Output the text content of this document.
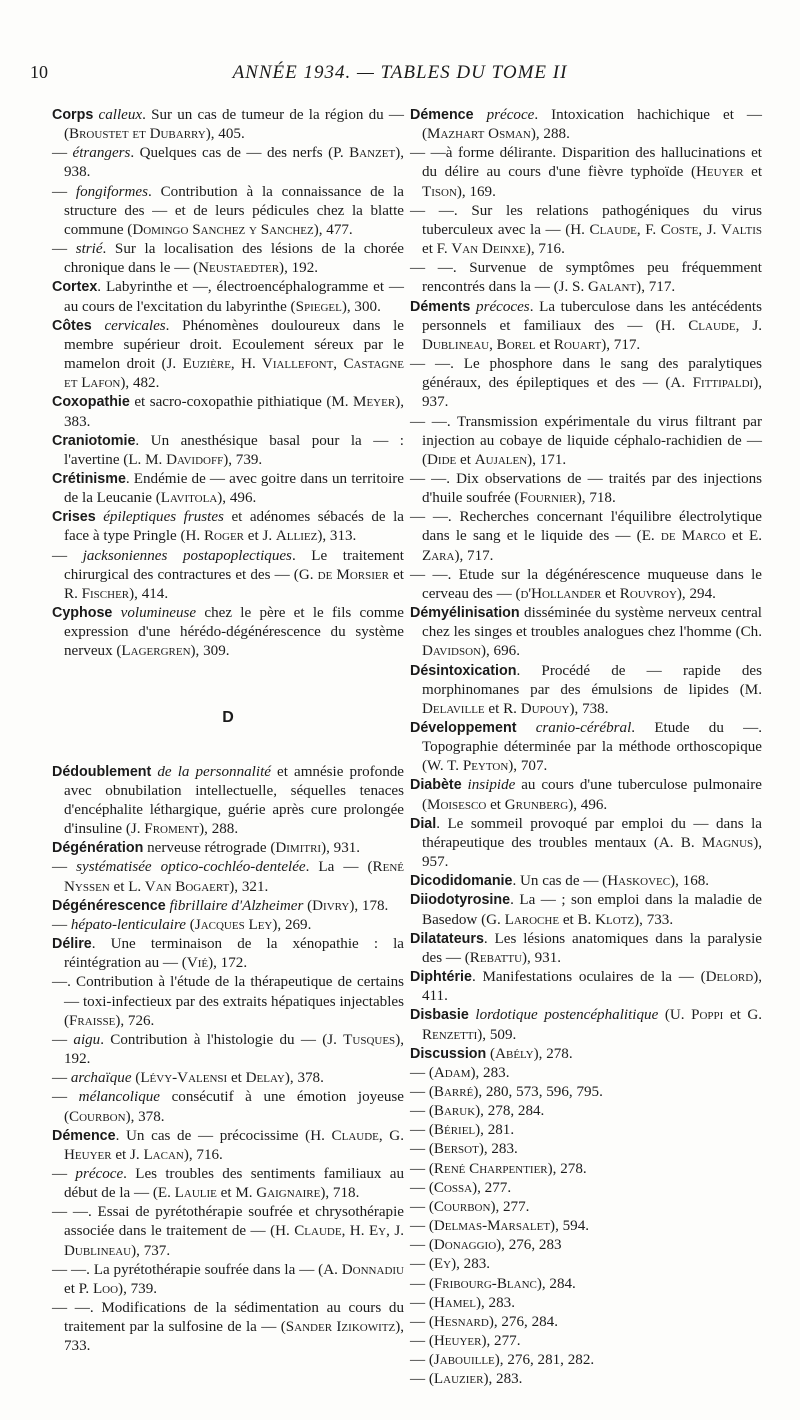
10	ANNÉE 1934. — TABLES DU TOME II

Corps calleux. Sur un cas de tumeur de la région du — (Broustet et Dubarry), 405.

— étrangers. Quelques cas de — des nerfs (P. Banzet), 938.

— fongiformes. Contribution à la connaissance de la structure des — et de leurs pédicules chez la blatte commune (Domingo Sanchez y Sanchez), 477.

— strié. Sur la localisation des lésions de la chorée chronique dans le — (Neustaedter), 192.

Cortex. Labyrinthe et —, électroencéphalogramme et — au cours de l'excitation du labyrinthe (Spiegel), 300.

Côtes cervicales. Phénomènes douloureux dans le membre supérieur droit. Ecoulement séreux par le mamelon droit (J. Euzière, H. Viallefont, Castagne et Lafon), 482.

Coxopathie et sacro-coxopathie pithiatique (M. Meyer), 383.

Craniotomie. Un anesthésique basal pour la — : l'avertine (L. M. Davidoff), 739.

Crétinisme. Endémie de — avec goitre dans un territoire de la Leucanie (Lavitola), 496.

Crises épileptiques frustes et adénomes sébacés de la face à type Pringle (H. Roger et J. Alliez), 313.

— jacksoniennes postapoplectiques. Le traitement chirurgical des contractures et des — (G. de Morsier et R. Fischer), 414.

Cyphose volumineuse chez le père et le fils comme expression d'une hérédo-dégénérescence du système nerveux (Lagergren), 309.

D

Dédoublement de la personnalité et amnésie profonde avec obnubilation intellectuelle, séquelles tenaces d'encéphalite léthargique, guérie après cure prolongée d'insuline (J. Froment), 288.

Dégénération nerveuse rétrograde (Dimitri), 931.

— systématisée optico-cochléo-dentelée. La — (René Nyssen et L. Van Bogaert), 321.

Dégénérescence fibrillaire d'Alzheimer (Divry), 178.

— hépato-lenticulaire (Jacques Ley), 269.

Délire. Une terminaison de la xénopathie : la réintégration au — (Vié), 172.

—. Contribution à l'étude de la thérapeutique de certains — toxi-infectieux par des extraits hépatiques injectables (Fraisse), 726.

— aigu. Contribution à l'histologie du — (J. Tusques), 192.

— archaïque (Lévy-Valensi et Delay), 378.

— mélancolique consécutif à une émotion joyeuse (Courbon), 378.

Démence. Un cas de — précocissime (H. Claude, G. Heuyer et J. Lacan), 716.

— précoce. Les troubles des sentiments familiaux au début de la — (E. Laulie et M. Gaignaire), 718.

— —. Essai de pyrétothérapie soufrée et chrysothérapie associée dans le traitement de — (H. Claude, H. Ey, J. Dublineau), 737.

— —. La pyrétothérapie soufrée dans la — (A. Donnadiu et P. Loo), 739.

— —. Modifications de la sédimentation au cours du traitement par la sulfosine de la — (Sander Izikowitz), 733.

Démence précoce. Intoxication hachichique et — (Mazhart Osman), 288.

— —à forme délirante. Disparition des hallucinations et du délire au cours d'une fièvre typhoïde (Heuyer et Tison), 169.

— —. Sur les relations pathogéniques du virus tuberculeux avec la — (H. Claude, F. Coste, J. Valtis et F. Van Deinxe), 716.

— —. Survenue de symptômes peu fréquemment rencontrés dans la — (J. S. Galant), 717.

Déments précoces. La tuberculose dans les antécédents personnels et familiaux des — (H. Claude, J. Dublineau, Borel et Rouart), 717.

— —. Le phosphore dans le sang des paralytiques généraux, des épileptiques et des — (A. Fittipaldi), 937.

— —. Transmission expérimentale du virus filtrant par injection au cobaye de liquide céphalo-rachidien de — (Dide et Aujalen), 171.

— —. Dix observations de — traités par des injections d'huile soufrée (Fournier), 718.

— —. Recherches concernant l'équilibre électrolytique dans le sang et le liquide des — (E. de Marco et E. Zara), 717.

— —. Etude sur la dégénérescence muqueuse dans le cerveau des — (d'Hollander et Rouvroy), 294.

Démyélinisation disséminée du système nerveux central chez les singes et troubles analogues chez l'homme (Ch. Davidson), 696.

Désintoxication. Procédé de — rapide des morphinomanes par des émulsions de lipides (M. Delaville et R. Dupouy), 738.

Développement cranio-cérébral. Etude du —. Topographie déterminée par la méthode orthoscopique (W. T. Peyton), 707.

Diabète insipide au cours d'une tuberculose pulmonaire (Moisesco et Grunberg), 496.

Dial. Le sommeil provoqué par emploi du — dans la thérapeutique des troubles mentaux (A. B. Magnus), 957.

Dicodidomanie. Un cas de — (Haskovec), 168.

Diiodotyrosine. La — ; son emploi dans la maladie de Basedow (G. Laroche et B. Klotz), 733.

Dilatateurs. Les lésions anatomiques dans la paralysie des — (Rebattu), 931.

Diphtérie. Manifestations oculaires de la — (Delord), 411.

Disbasie lordotique postencéphalitique (U. Poppi et G. Renzetti), 509.

Discussion (Abély), 278.

— (Adam), 283.

— (Barré), 280, 573, 596, 795.

— (Baruk), 278, 284.

— (Bériel), 281.

— (Bersot), 283.

— (René Charpentier), 278.

— (Cossa), 277.

— (Courbon), 277.

— (Delmas-Marsalet), 594.

— (Donaggio), 276, 283

— (Ey), 283.

— (Fribourg-Blanc), 284.

— (Hamel), 283.

— (Hesnard), 276, 284.

— (Heuyer), 277.

— (Jabouille), 276, 281, 282.

— (Lauzier), 283.
